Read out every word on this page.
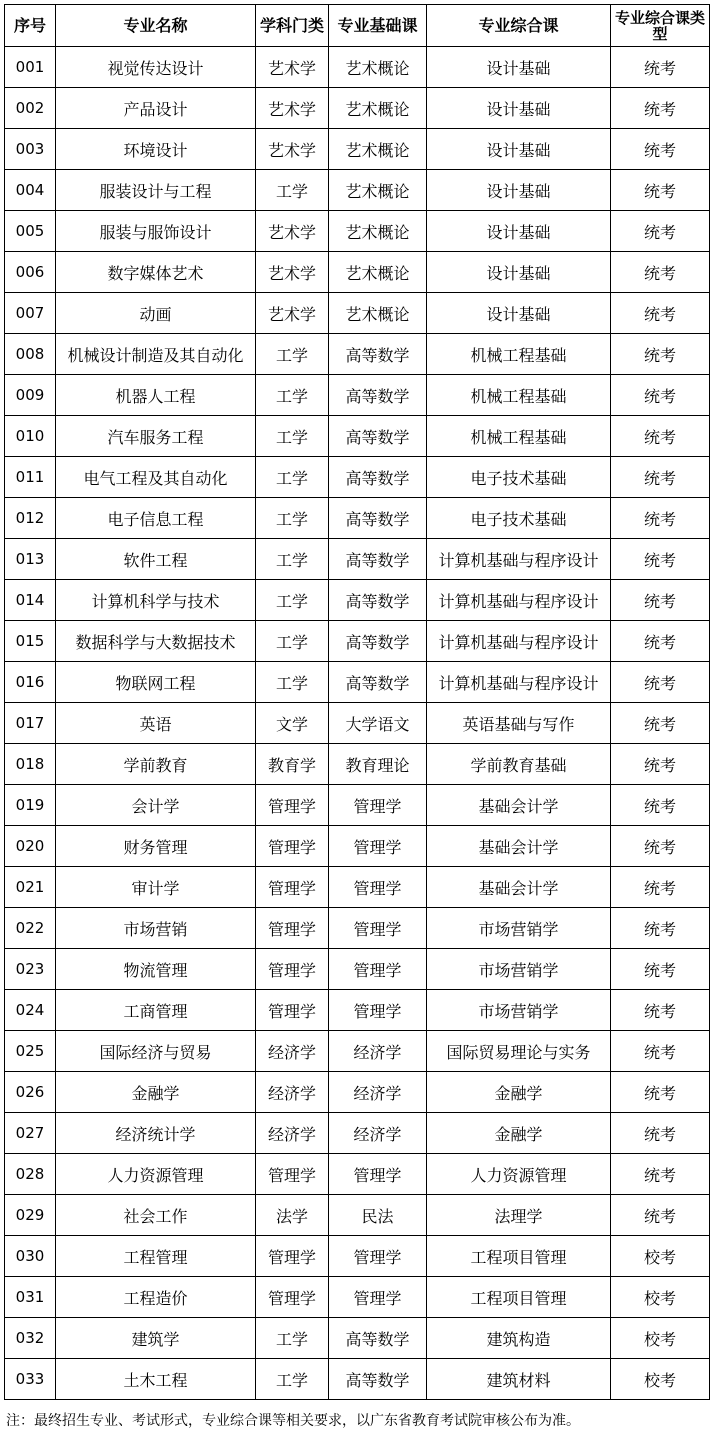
序号	专业名称	学科门类	专业基础课	专业综合课	专业综合课类型
001	视觉传达设计	艺术学	艺术概论	设计基础	统考
002	产品设计	艺术学	艺术概论	设计基础	统考
003	环境设计	艺术学	艺术概论	设计基础	统考
004	服装设计与工程	工学	艺术概论	设计基础	统考
005	服装与服饰设计	艺术学	艺术概论	设计基础	统考
006	数字媒体艺术	艺术学	艺术概论	设计基础	统考
007	动画	艺术学	艺术概论	设计基础	统考
008	机械设计制造及其自动化	工学	高等数学	机械工程基础	统考
009	机器人工程	工学	高等数学	机械工程基础	统考
010	汽车服务工程	工学	高等数学	机械工程基础	统考
011	电气工程及其自动化	工学	高等数学	电子技术基础	统考
012	电子信息工程	工学	高等数学	电子技术基础	统考
013	软件工程	工学	高等数学	计算机基础与程序设计	统考
014	计算机科学与技术	工学	高等数学	计算机基础与程序设计	统考
015	数据科学与大数据技术	工学	高等数学	计算机基础与程序设计	统考
016	物联网工程	工学	高等数学	计算机基础与程序设计	统考
017	英语	文学	大学语文	英语基础与写作	统考
018	学前教育	教育学	教育理论	学前教育基础	统考
019	会计学	管理学	管理学	基础会计学	统考
020	财务管理	管理学	管理学	基础会计学	统考
021	审计学	管理学	管理学	基础会计学	统考
022	市场营销	管理学	管理学	市场营销学	统考
023	物流管理	管理学	管理学	市场营销学	统考
024	工商管理	管理学	管理学	市场营销学	统考
025	国际经济与贸易	经济学	经济学	国际贸易理论与实务	统考
026	金融学	经济学	经济学	金融学	统考
027	经济统计学	经济学	经济学	金融学	统考
028	人力资源管理	管理学	管理学	人力资源管理	统考
029	社会工作	法学	民法	法理学	统考
030	工程管理	管理学	管理学	工程项目管理	校考
031	工程造价	管理学	管理学	工程项目管理	校考
032	建筑学	工学	高等数学	建筑构造	校考
033	土木工程	工学	高等数学	建筑材料	校考
注：最终招生专业、考试形式，专业综合课等相关要求，以广东省教育考试院审核公布为准。
